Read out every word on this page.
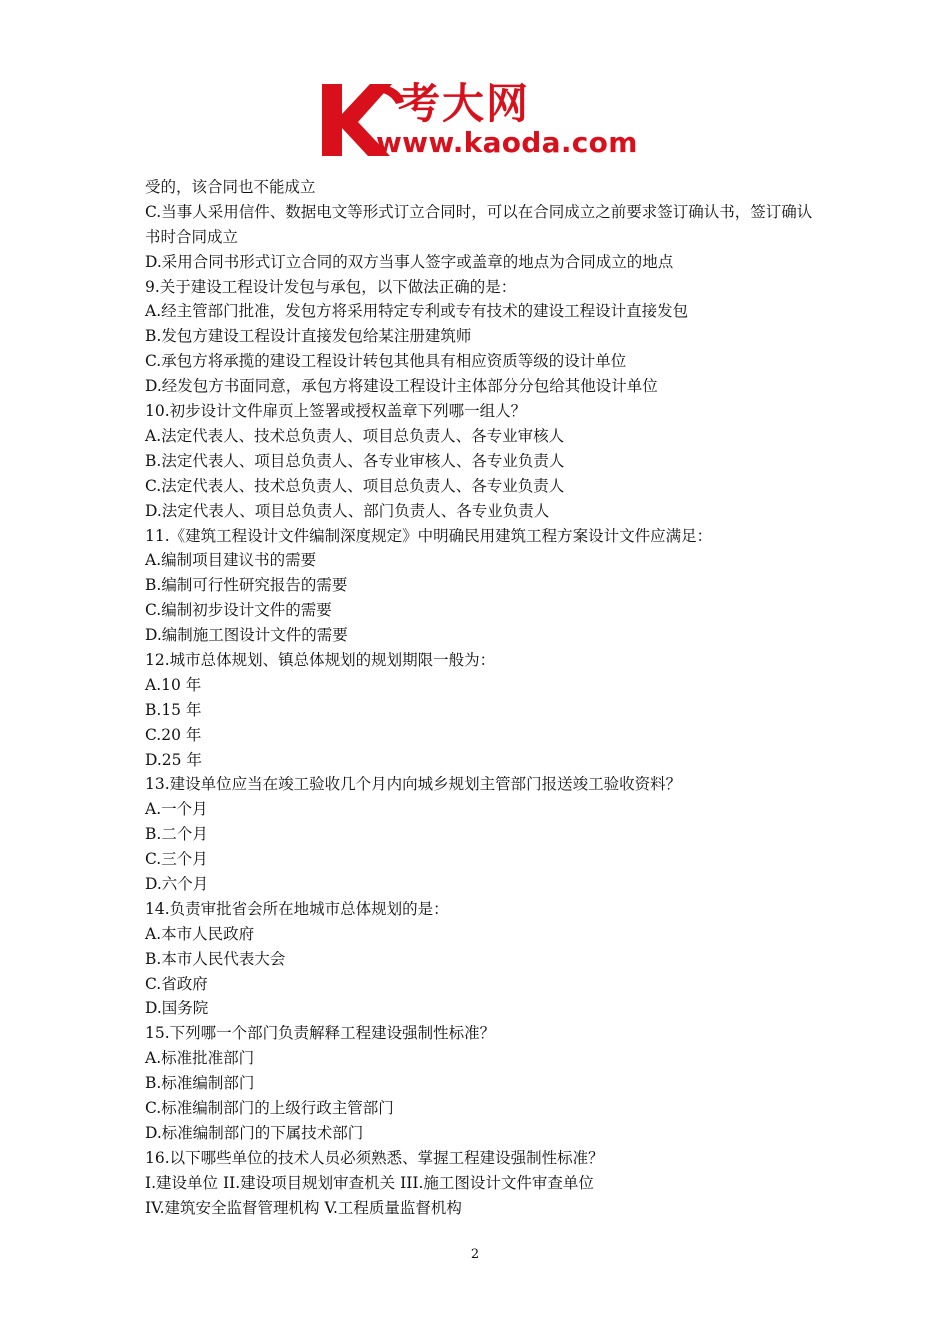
考大网
www.kaoda.com
受的，该合同也不能成立
C.当事人采用信件、数据电文等形式订立合同时，可以在合同成立之前要求签订确认书，签订确认书时合同成立
D.采用合同书形式订立合同的双方当事人签字或盖章的地点为合同成立的地点
9.关于建设工程设计发包与承包，以下做法正确的是：
A.经主管部门批准，发包方将采用特定专利或专有技术的建设工程设计直接发包
B.发包方建设工程设计直接发包给某注册建筑师
C.承包方将承揽的建设工程设计转包其他具有相应资质等级的设计单位
D.经发包方书面同意，承包方将建设工程设计主体部分分包给其他设计单位
10.初步设计文件扉页上签署或授权盖章下列哪一组人？
A.法定代表人、技术总负责人、项目总负责人、各专业审核人
B.法定代表人、项目总负责人、各专业审核人、各专业负责人
C.法定代表人、技术总负责人、项目总负责人、各专业负责人
D.法定代表人、项目总负责人、部门负责人、各专业负责人
11.《建筑工程设计文件编制深度规定》中明确民用建筑工程方案设计文件应满足：
A.编制项目建议书的需要
B.编制可行性研究报告的需要
C.编制初步设计文件的需要
D.编制施工图设计文件的需要
12.城市总体规划、镇总体规划的规划期限一般为：
A.10 年
B.15 年
C.20 年
D.25 年
13.建设单位应当在竣工验收几个月内向城乡规划主管部门报送竣工验收资料？
A.一个月
B.二个月
C.三个月
D.六个月
14.负责审批省会所在地城市总体规划的是：
A.本市人民政府
B.本市人民代表大会
C.省政府
D.国务院
15.下列哪一个部门负责解释工程建设强制性标准？
A.标准批准部门
B.标准编制部门
C.标准编制部门的上级行政主管部门
D.标准编制部门的下属技术部门
16.以下哪些单位的技术人员必须熟悉、掌握工程建设强制性标准？
I.建设单位 II.建设项目规划审查机关 III.施工图设计文件审查单位
IV.建筑安全监督管理机构 V.工程质量监督机构
2
